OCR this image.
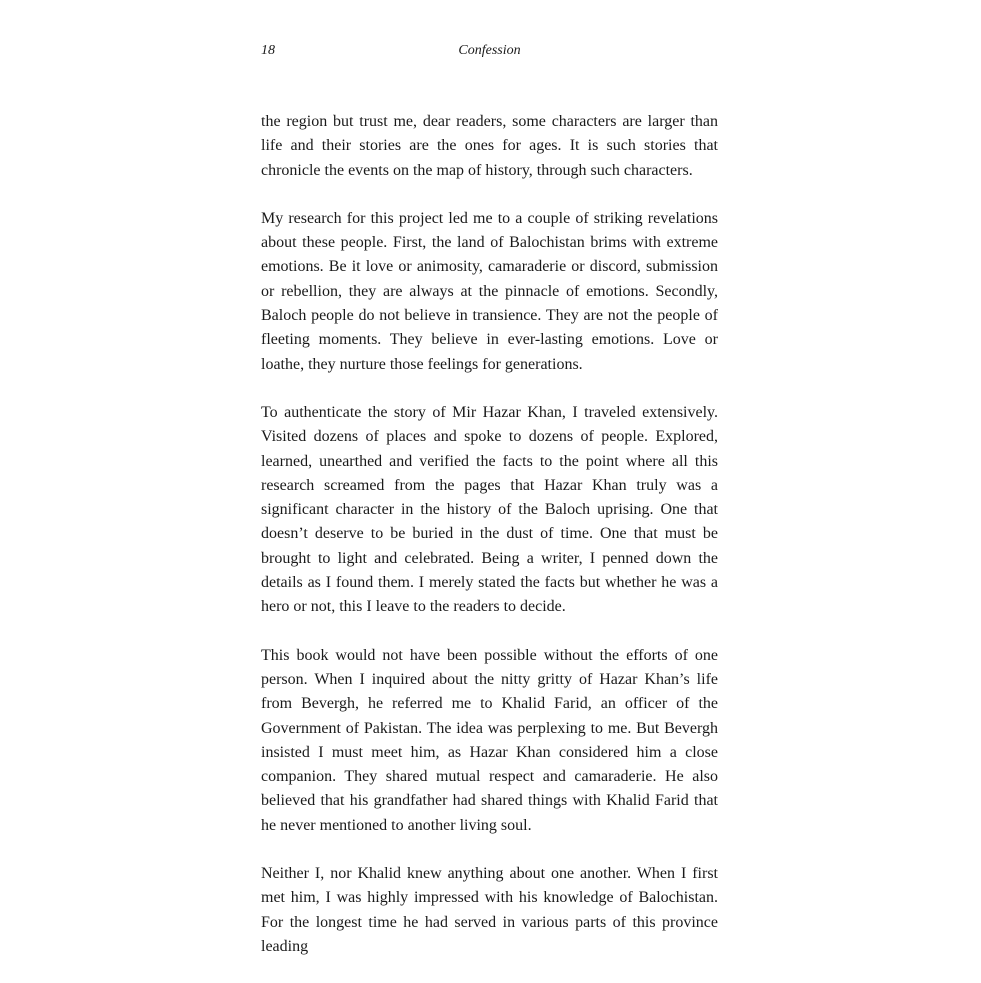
18	Confession

the region but trust me, dear readers, some characters are larger than life and their stories are the ones for ages. It is such stories that chronicle the events on the map of history, through such characters.

My research for this project led me to a couple of striking revelations about these people. First, the land of Balochistan brims with extreme emotions. Be it love or animosity, camaraderie or discord, submission or rebellion, they are always at the pinnacle of emotions. Secondly, Baloch people do not believe in transience. They are not the people of fleeting moments. They believe in ever-lasting emotions. Love or loathe, they nurture those feelings for generations.

To authenticate the story of Mir Hazar Khan, I traveled extensively. Visited dozens of places and spoke to dozens of people. Explored, learned, unearthed and verified the facts to the point where all this research screamed from the pages that Hazar Khan truly was a significant character in the history of the Baloch uprising. One that doesn’t deserve to be buried in the dust of time. One that must be brought to light and celebrated. Being a writer, I penned down the details as I found them. I merely stated the facts but whether he was a hero or not, this I leave to the readers to decide.

This book would not have been possible without the efforts of one person. When I inquired about the nitty gritty of Hazar Khan’s life from Bevergh, he referred me to Khalid Farid, an officer of the Government of Pakistan. The idea was perplexing to me. But Bevergh insisted I must meet him, as Hazar Khan considered him a close companion. They shared mutual respect and camaraderie. He also believed that his grandfather had shared things with Khalid Farid that he never mentioned to another living soul.

Neither I, nor Khalid knew anything about one another. When I first met him, I was highly impressed with his knowledge of Balochistan. For the longest time he had served in various parts of this province leading
